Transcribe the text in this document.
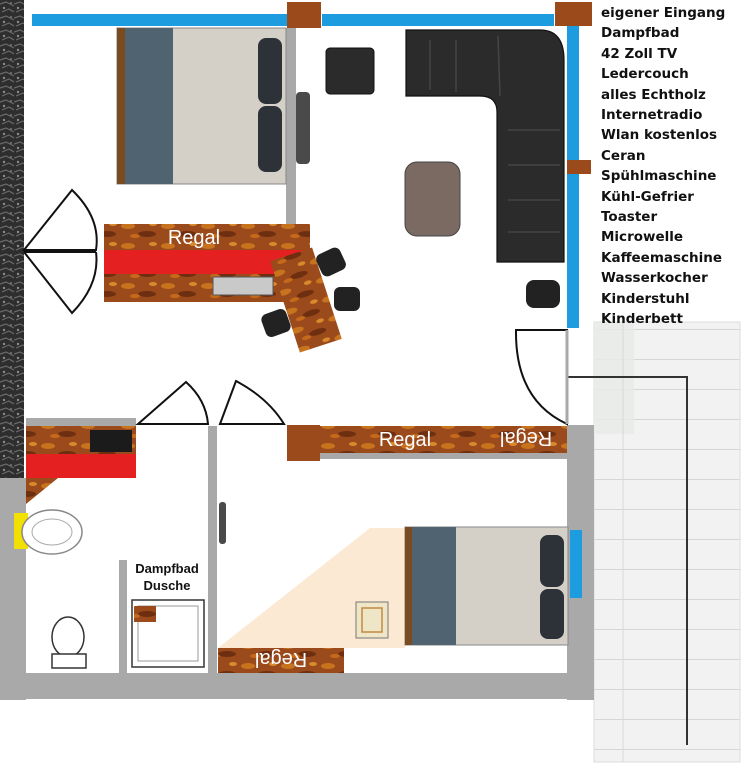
Regal
Regal	Regal
Dampfbad
Dusche
Regal
eigener Eingang
Dampfbad
42 Zoll TV
Ledercouch
alles Echtholz
Internetradio
Wlan kostenlos
Ceran
Spühlmaschine
Kühl-Gefrier
Toaster
Microwelle
Kaffeemaschine
Wasserkocher
Kinderstuhl
Kinderbett
